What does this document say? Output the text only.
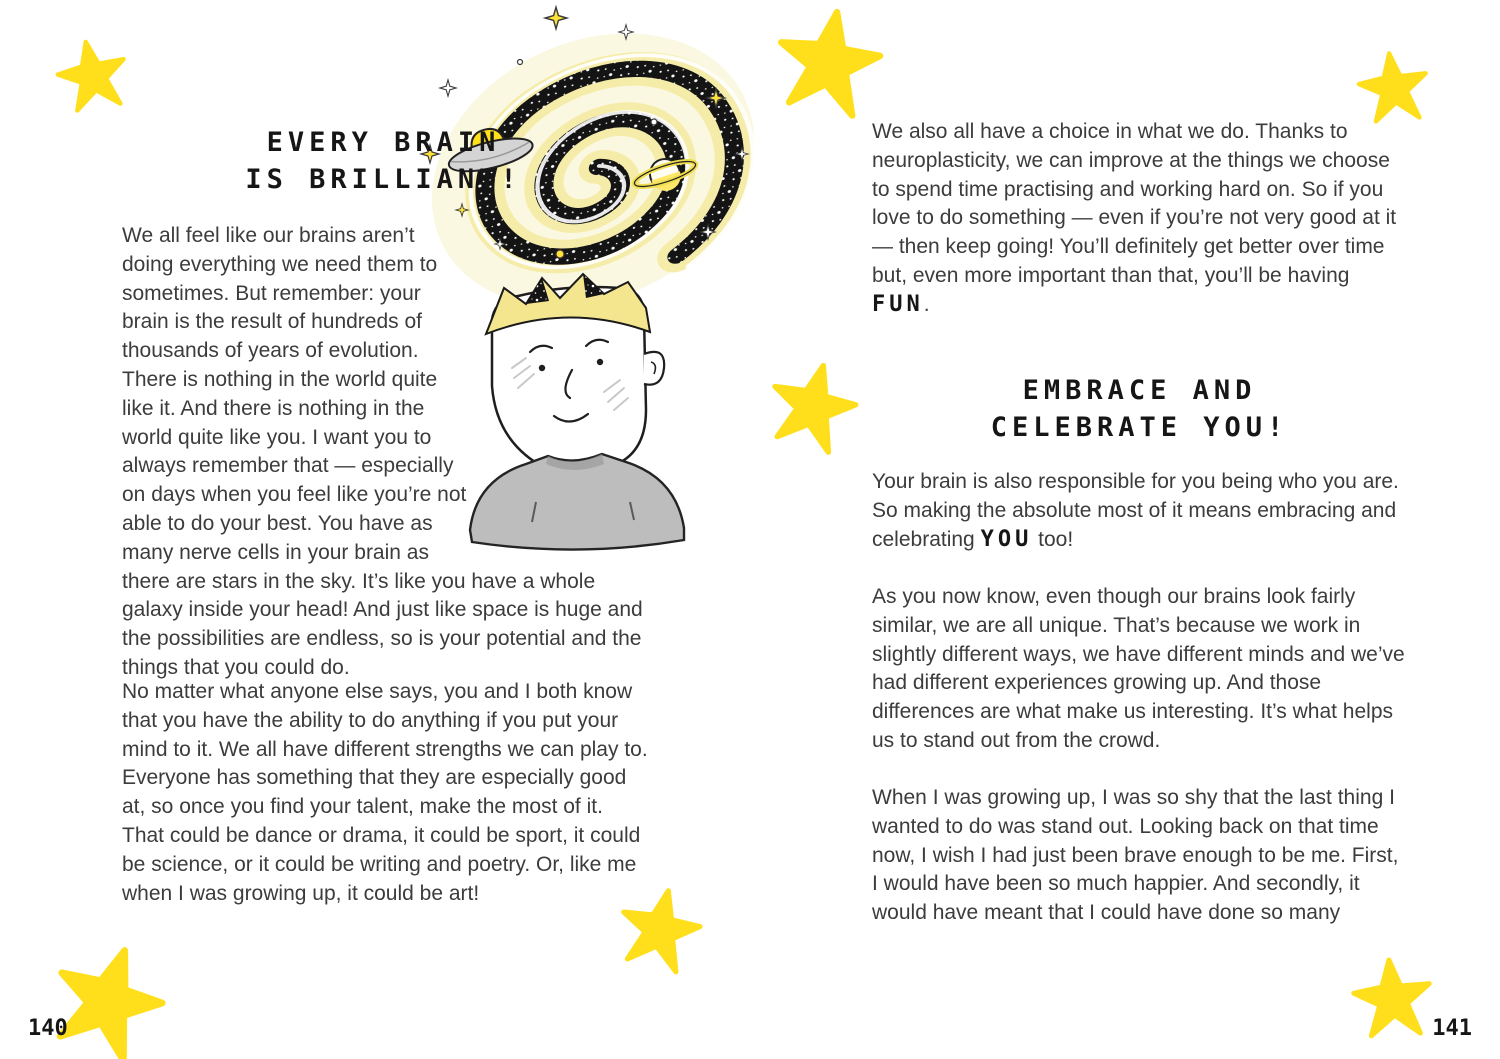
EVERY BRAIN
IS BRILLIANT!
We all feel like our brains aren’t doing everything we need them to sometimes. But remember: your brain is the result of hundreds of thousands of years of evolution. There is nothing in the world quite like it. And there is nothing in the world quite like you. I want you to always remember that — especially on days when you feel like you’re not able to do your best. You have as many nerve cells in your brain as there are stars in the sky. It’s like you have a whole galaxy inside your head! And just like space is huge and the possibilities are endless, so is your potential and the things that you could do.
No matter what anyone else says, you and I both know that you have the ability to do anything if you put your mind to it. We all have different strengths we can play to. Everyone has something that they are especially good at, so once you find your talent, make the most of it. That could be dance or drama, it could be sport, it could be science, or it could be writing and poetry. Or, like me when I was growing up, it could be art!
140
We also all have a choice in what we do. Thanks to neuroplasticity, we can improve at the things we choose to spend time practising and working hard on. So if you love to do something — even if you’re not very good at it — then keep going! You’ll definitely get better over time but, even more important than that, you’ll be having FUN.
EMBRACE AND
CELEBRATE YOU!
Your brain is also responsible for you being who you are. So making the absolute most of it means embracing and celebrating YOU too!
As you now know, even though our brains look fairly similar, we are all unique. That’s because we work in slightly different ways, we have different minds and we’ve had different experiences growing up. And those differences are what make us interesting. It’s what helps us to stand out from the crowd.
When I was growing up, I was so shy that the last thing I wanted to do was stand out. Looking back on that time now, I wish I had just been brave enough to be me. First, I would have been so much happier. And secondly, it would have meant that I could have done so many
141
